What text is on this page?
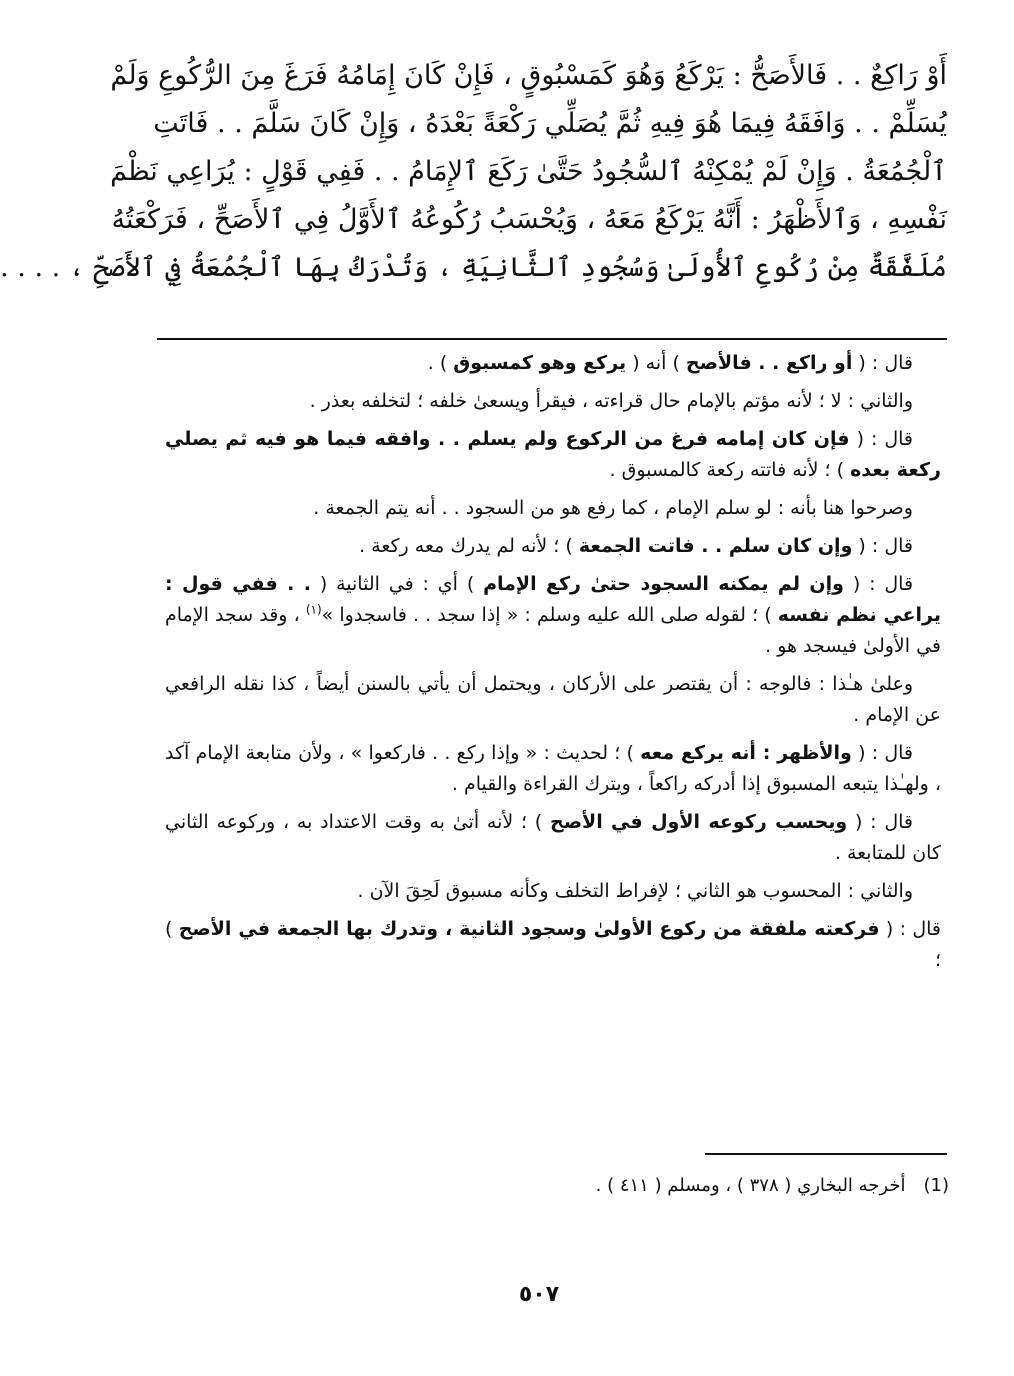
أَوْ رَاكِعٌ . . فَالأَصَحُّ : يَرْكَعُ وَهُوَ كَمَسْبُوقٍ ، فَإِنْ كَانَ إِمَامُهُ فَرَغَ مِنَ الرُّكُوعِ وَلَمْ
يُسَلِّمْ . . وَافَقَهُ فِيمَا هُوَ فِيهِ ثُمَّ يُصَلِّي رَكْعَةً بَعْدَهُ ، وَإِنْ كَانَ سَلَّمَ . . فَاتَتِ
ٱلْجُمُعَةُ . وَإِنْ لَمْ يُمْكِنْهُ ٱلسُّجُودُ حَتَّىٰ رَكَعَ ٱلإِمَامُ . . فَفِي قَوْلٍ : يُرَاعِي نَظْمَ
نَفْسِهِ ، وَٱلأَظْهَرُ : أَنَّهُ يَرْكَعُ مَعَهُ ، وَيُحْسَبُ رُكُوعُهُ ٱلأَوَّلُ فِي ٱلأَصَحِّ ، فَرَكْعَتُهُ
مُلَفَّقَةٌ مِنْ رُكُوعِ ٱلأُولَىٰ وَسُجُودِ ٱلثَّانِيَةِ ، وَتُدْرَكُ بِهَا ٱلْجُمُعَةُ فِي ٱلأَصَحِّ ، . . . .

قال : ( أو راكع . . فالأصح ) أنه ( يركع وهو كمسبوق ) .

والثاني : لا ؛ لأنه مؤتم بالإمام حال قراءته ، فيقرأ ويسعىٰ خلفه ؛ لتخلفه بعذر .

قال : ( فإن كان إمامه فرغ من الركوع ولم يسلم . . وافقه فيما هو فيه ثم يصلي ركعة بعده ) ؛ لأنه فاتته ركعة كالمسبوق .

وصرحوا هنا بأنه : لو سلم الإمام ، كما رفع هو من السجود . . أنه يتم الجمعة .

قال : ( وإن كان سلم . . فاتت الجمعة ) ؛ لأنه لم يدرك معه ركعة .

قال : ( وإن لم يمكنه السجود حتىٰ ركع الإمام ) أي : في الثانية ( . . ففي قول : يراعي نظم نفسه ) ؛ لقوله صلى الله عليه وسلم : « إذا سجد . . فاسجدوا »$^{(١)}$ ، وقد سجد الإمام في الأولىٰ فيسجد هو .

وعلىٰ هـٰذا : فالوجه : أن يقتصر على الأركان ، ويحتمل أن يأتي بالسنن أيضاً ، كذا نقله الرافعي عن الإمام .

قال : ( والأظهر : أنه يركع معه ) ؛ لحديث : « وإذا ركع . . فاركعوا » ، ولأن متابعة الإمام آكد ، ولهـٰذا يتبعه المسبوق إذا أدركه راكعاً ، ويترك القراءة والقيام .

قال : ( ويحسب ركوعه الأول في الأصح ) ؛ لأنه أتىٰ به وقت الاعتداد به ، وركوعه الثاني كان للمتابعة .

والثاني : المحسوب هو الثاني ؛ لإفراط التخلف وكأنه مسبوق لَحِقَ الآن .

قال : ( فركعته ملفقة من ركوع الأولىٰ وسجود الثانية ، وتدرك بها الجمعة في الأصح ) ؛

(1)أخرجه البخاري ( ٣٧٨ ) ، ومسلم ( ٤١١ ) .
٥٠٧
